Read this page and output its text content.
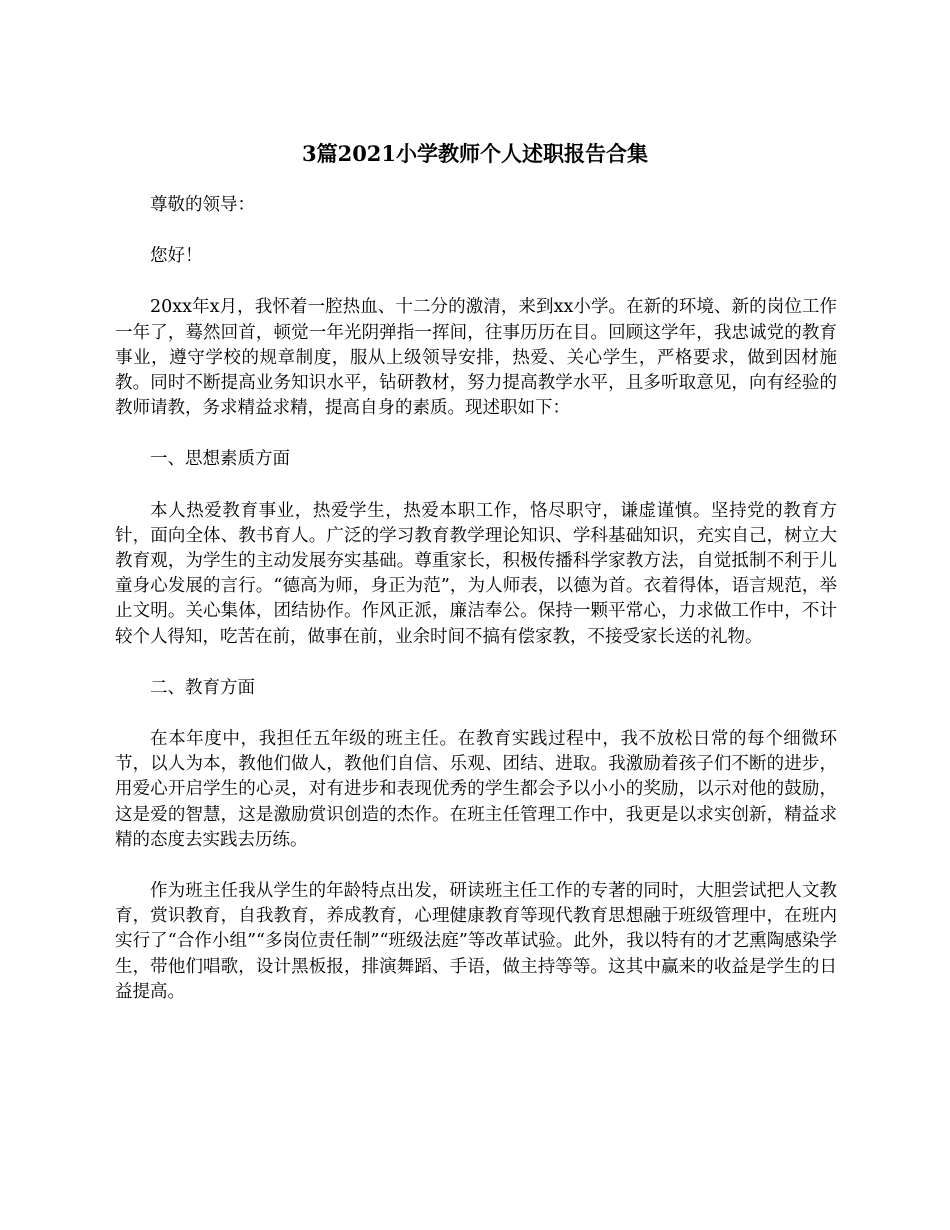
3篇2021小学教师个人述职报告合集

尊敬的领导：

您好！

20xx年x月，我怀着一腔热血、十二分的激清，来到xx小学。在新的环境、新的岗位工作一年了，蓦然回首，顿觉一年光阴弹指一挥间，往事历历在目。回顾这学年，我忠诚党的教育事业，遵守学校的规章制度，服从上级领导安排，热爱、关心学生，严格要求，做到因材施教。同时不断提高业务知识水平，钻研教材，努力提高教学水平，且多听取意见，向有经验的教师请教，务求精益求精，提高自身的素质。现述职如下：

一、思想素质方面

本人热爱教育事业，热爱学生，热爱本职工作，恪尽职守，谦虚谨慎。坚持党的教育方针，面向全体、教书育人。广泛的学习教育教学理论知识、学科基础知识，充实自己，树立大教育观，为学生的主动发展夯实基础。尊重家长，积极传播科学家教方法，自觉抵制不利于儿童身心发展的言行。“德高为师，身正为范”，为人师表，以德为首。衣着得体，语言规范，举止文明。关心集体，团结协作。作风正派，廉洁奉公。保持一颗平常心，力求做工作中，不计较个人得知，吃苦在前，做事在前，业余时间不搞有偿家教，不接受家长送的礼物。

二、教育方面

在本年度中，我担任五年级的班主任。在教育实践过程中，我不放松日常的每个细微环节，以人为本，教他们做人，教他们自信、乐观、团结、进取。我激励着孩子们不断的进步，用爱心开启学生的心灵，对有进步和表现优秀的学生都会予以小小的奖励，以示对他的鼓励，这是爱的智慧，这是激励赏识创造的杰作。在班主任管理工作中，我更是以求实创新，精益求精的态度去实践去历练。

作为班主任我从学生的年龄特点出发，研读班主任工作的专著的同时，大胆尝试把人文教育，赏识教育，自我教育，养成教育，心理健康教育等现代教育思想融于班级管理中，在班内实行了“合作小组”“多岗位责任制”“班级法庭”等改革试验。此外，我以特有的才艺熏陶感染学生，带他们唱歌，设计黑板报，排演舞蹈、手语，做主持等等。这其中赢来的收益是学生的日益提高。
